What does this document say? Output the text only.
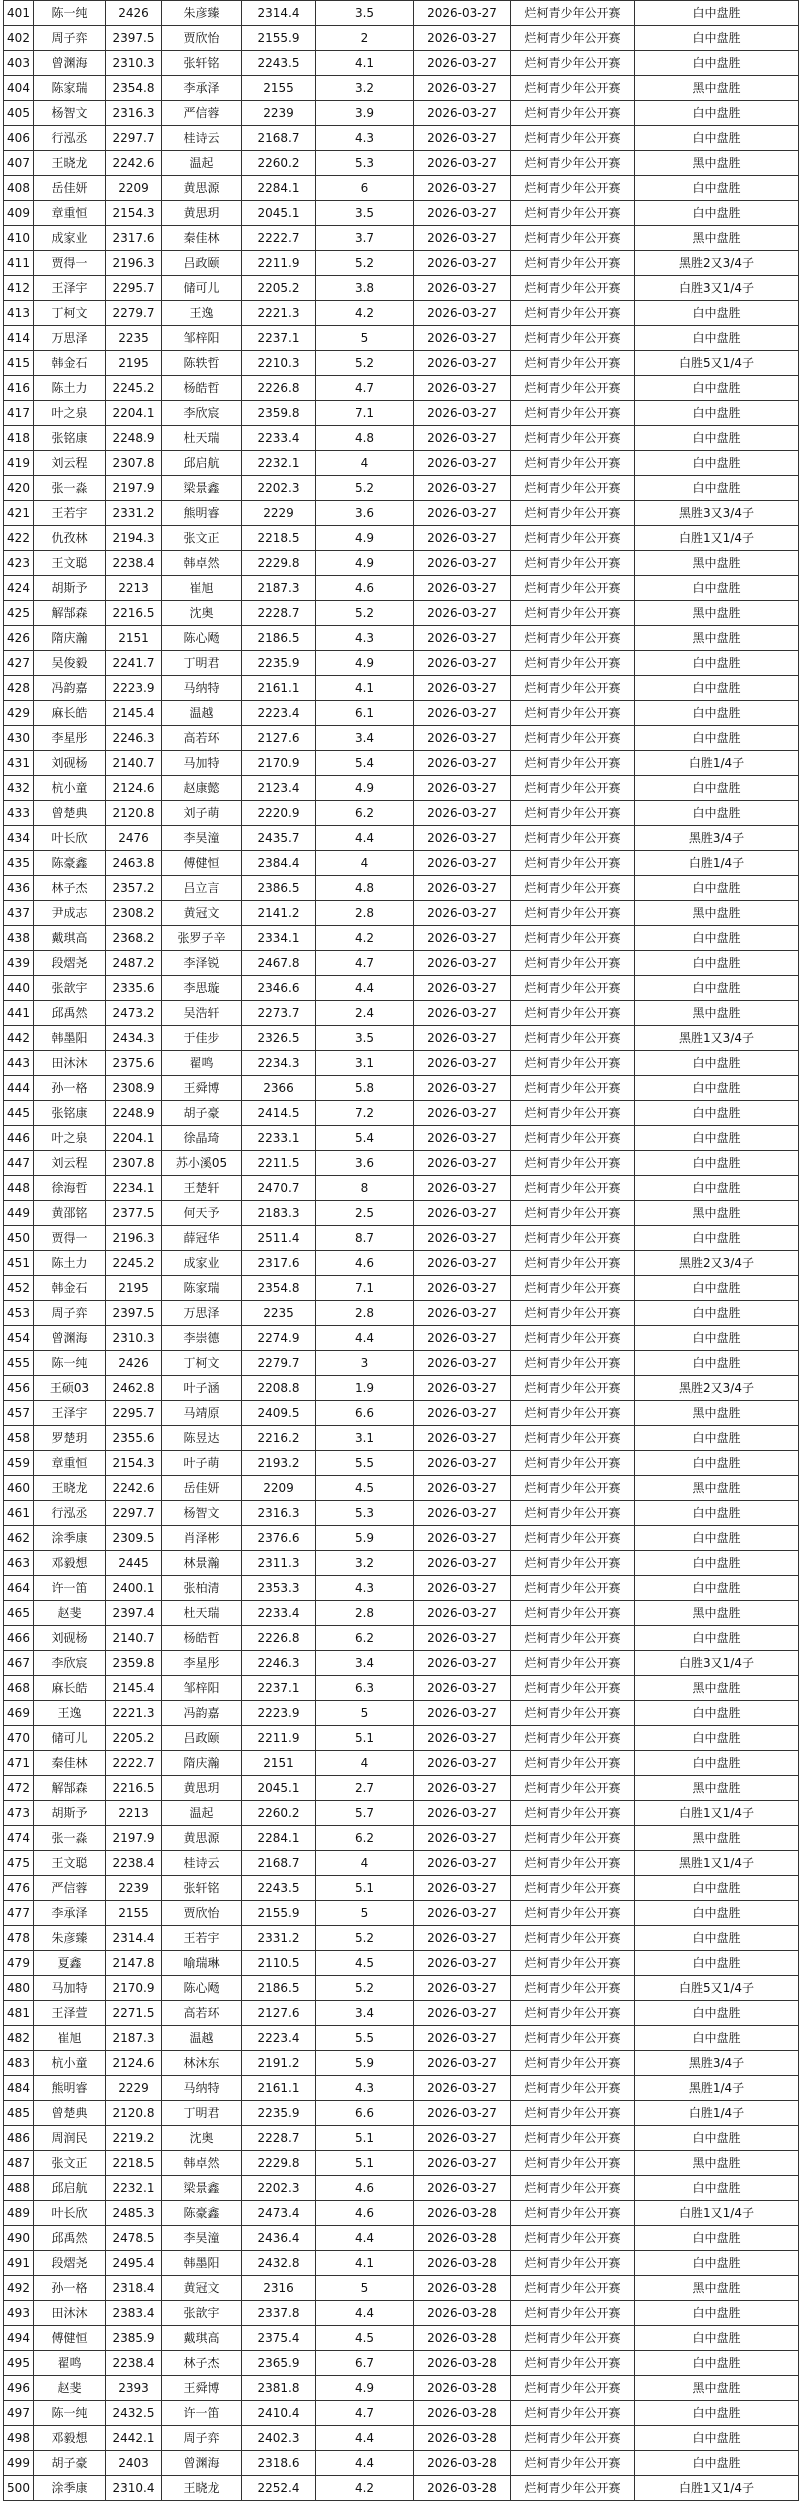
401	陈一纯	2426	朱彦臻	2314.4	3.5	2026-03-27	烂柯青少年公开赛	白中盘胜
402	周子弈	2397.5	贾欣怡	2155.9	2	2026-03-27	烂柯青少年公开赛	白中盘胜
403	曾渊海	2310.3	张轩铭	2243.5	4.1	2026-03-27	烂柯青少年公开赛	白中盘胜
404	陈家瑞	2354.8	李承泽	2155	3.2	2026-03-27	烂柯青少年公开赛	黑中盘胜
405	杨智文	2316.3	严信蓉	2239	3.9	2026-03-27	烂柯青少年公开赛	白中盘胜
406	行泓丞	2297.7	桂诗云	2168.7	4.3	2026-03-27	烂柯青少年公开赛	白中盘胜
407	王晓龙	2242.6	温起	2260.2	5.3	2026-03-27	烂柯青少年公开赛	黑中盘胜
408	岳佳妍	2209	黄思源	2284.1	6	2026-03-27	烂柯青少年公开赛	白中盘胜
409	章重恒	2154.3	黄思玥	2045.1	3.5	2026-03-27	烂柯青少年公开赛	白中盘胜
410	成家业	2317.6	秦佳林	2222.7	3.7	2026-03-27	烂柯青少年公开赛	黑中盘胜
411	贾得一	2196.3	吕政颐	2211.9	5.2	2026-03-27	烂柯青少年公开赛	黑胜2又3/4子
412	王泽宇	2295.7	储可儿	2205.2	3.8	2026-03-27	烂柯青少年公开赛	白胜3又1/4子
413	丁柯文	2279.7	王逸	2221.3	4.2	2026-03-27	烂柯青少年公开赛	白中盘胜
414	万思泽	2235	邹梓阳	2237.1	5	2026-03-27	烂柯青少年公开赛	白中盘胜
415	韩金石	2195	陈轶哲	2210.3	5.2	2026-03-27	烂柯青少年公开赛	白胜5又1/4子
416	陈土力	2245.2	杨皓哲	2226.8	4.7	2026-03-27	烂柯青少年公开赛	白中盘胜
417	叶之泉	2204.1	李欣宸	2359.8	7.1	2026-03-27	烂柯青少年公开赛	白中盘胜
418	张铭康	2248.9	杜天瑞	2233.4	4.8	2026-03-27	烂柯青少年公开赛	白中盘胜
419	刘云程	2307.8	邱启航	2232.1	4	2026-03-27	烂柯青少年公开赛	白中盘胜
420	张一淼	2197.9	梁景鑫	2202.3	5.2	2026-03-27	烂柯青少年公开赛	白中盘胜
421	王若宇	2331.2	熊明睿	2229	3.6	2026-03-27	烂柯青少年公开赛	黑胜3又3/4子
422	仇孜林	2194.3	张文正	2218.5	4.9	2026-03-27	烂柯青少年公开赛	白胜1又1/4子
423	王文聪	2238.4	韩卓然	2229.8	4.9	2026-03-27	烂柯青少年公开赛	黑中盘胜
424	胡斯予	2213	崔旭	2187.3	4.6	2026-03-27	烂柯青少年公开赛	白中盘胜
425	解郜森	2216.5	沈奥	2228.7	5.2	2026-03-27	烂柯青少年公开赛	黑中盘胜
426	隋庆瀚	2151	陈心飏	2186.5	4.3	2026-03-27	烂柯青少年公开赛	黑中盘胜
427	吴俊毅	2241.7	丁明君	2235.9	4.9	2026-03-27	烂柯青少年公开赛	白中盘胜
428	冯韵嘉	2223.9	马纳特	2161.1	4.1	2026-03-27	烂柯青少年公开赛	白中盘胜
429	麻长皓	2145.4	温越	2223.4	6.1	2026-03-27	烂柯青少年公开赛	白中盘胜
430	李星彤	2246.3	高若环	2127.6	3.4	2026-03-27	烂柯青少年公开赛	白中盘胜
431	刘砚杨	2140.7	马加特	2170.9	5.4	2026-03-27	烂柯青少年公开赛	白胜1/4子
432	杭小童	2124.6	赵康懿	2123.4	4.9	2026-03-27	烂柯青少年公开赛	白中盘胜
433	曾楚典	2120.8	刘子萌	2220.9	6.2	2026-03-27	烂柯青少年公开赛	白中盘胜
434	叶长欣	2476	李昊潼	2435.7	4.4	2026-03-27	烂柯青少年公开赛	黑胜3/4子
435	陈豪鑫	2463.8	傅健恒	2384.4	4	2026-03-27	烂柯青少年公开赛	白胜1/4子
436	林子杰	2357.2	吕立言	2386.5	4.8	2026-03-27	烂柯青少年公开赛	白中盘胜
437	尹成志	2308.2	黄冠文	2141.2	2.8	2026-03-27	烂柯青少年公开赛	黑中盘胜
438	戴琪高	2368.2	张罗子辛	2334.1	4.2	2026-03-27	烂柯青少年公开赛	白中盘胜
439	段熠尧	2487.2	李泽锐	2467.8	4.7	2026-03-27	烂柯青少年公开赛	白中盘胜
440	张歆宇	2335.6	李思璇	2346.6	4.4	2026-03-27	烂柯青少年公开赛	白中盘胜
441	邱禹然	2473.2	吴浩轩	2273.7	2.4	2026-03-27	烂柯青少年公开赛	黑中盘胜
442	韩墨阳	2434.3	于佳步	2326.5	3.5	2026-03-27	烂柯青少年公开赛	黑胜1又3/4子
443	田沐沐	2375.6	翟鸣	2234.3	3.1	2026-03-27	烂柯青少年公开赛	白中盘胜
444	孙一格	2308.9	王舜博	2366	5.8	2026-03-27	烂柯青少年公开赛	白中盘胜
445	张铭康	2248.9	胡子豪	2414.5	7.2	2026-03-27	烂柯青少年公开赛	白中盘胜
446	叶之泉	2204.1	徐晶琦	2233.1	5.4	2026-03-27	烂柯青少年公开赛	白中盘胜
447	刘云程	2307.8	苏小溪05	2211.5	3.6	2026-03-27	烂柯青少年公开赛	白中盘胜
448	徐海哲	2234.1	王楚轩	2470.7	8	2026-03-27	烂柯青少年公开赛	白中盘胜
449	黄邵铭	2377.5	何天予	2183.3	2.5	2026-03-27	烂柯青少年公开赛	黑中盘胜
450	贾得一	2196.3	薛冠华	2511.4	8.7	2026-03-27	烂柯青少年公开赛	白中盘胜
451	陈土力	2245.2	成家业	2317.6	4.6	2026-03-27	烂柯青少年公开赛	黑胜2又3/4子
452	韩金石	2195	陈家瑞	2354.8	7.1	2026-03-27	烂柯青少年公开赛	白中盘胜
453	周子弈	2397.5	万思泽	2235	2.8	2026-03-27	烂柯青少年公开赛	白中盘胜
454	曾渊海	2310.3	李崇德	2274.9	4.4	2026-03-27	烂柯青少年公开赛	白中盘胜
455	陈一纯	2426	丁柯文	2279.7	3	2026-03-27	烂柯青少年公开赛	白中盘胜
456	王硕03	2462.8	叶子涵	2208.8	1.9	2026-03-27	烂柯青少年公开赛	黑胜2又3/4子
457	王泽宇	2295.7	马靖原	2409.5	6.6	2026-03-27	烂柯青少年公开赛	黑中盘胜
458	罗楚玥	2355.6	陈昱达	2216.2	3.1	2026-03-27	烂柯青少年公开赛	白中盘胜
459	章重恒	2154.3	叶子萌	2193.2	5.5	2026-03-27	烂柯青少年公开赛	白中盘胜
460	王晓龙	2242.6	岳佳妍	2209	4.5	2026-03-27	烂柯青少年公开赛	黑中盘胜
461	行泓丞	2297.7	杨智文	2316.3	5.3	2026-03-27	烂柯青少年公开赛	白中盘胜
462	涂季康	2309.5	肖泽彬	2376.6	5.9	2026-03-27	烂柯青少年公开赛	白中盘胜
463	邓毅想	2445	林景瀚	2311.3	3.2	2026-03-27	烂柯青少年公开赛	白中盘胜
464	许一笛	2400.1	张柏清	2353.3	4.3	2026-03-27	烂柯青少年公开赛	白中盘胜
465	赵斐	2397.4	杜天瑞	2233.4	2.8	2026-03-27	烂柯青少年公开赛	黑中盘胜
466	刘砚杨	2140.7	杨皓哲	2226.8	6.2	2026-03-27	烂柯青少年公开赛	白中盘胜
467	李欣宸	2359.8	李星彤	2246.3	3.4	2026-03-27	烂柯青少年公开赛	白胜3又1/4子
468	麻长皓	2145.4	邹梓阳	2237.1	6.3	2026-03-27	烂柯青少年公开赛	黑中盘胜
469	王逸	2221.3	冯韵嘉	2223.9	5	2026-03-27	烂柯青少年公开赛	白中盘胜
470	储可儿	2205.2	吕政颐	2211.9	5.1	2026-03-27	烂柯青少年公开赛	白中盘胜
471	秦佳林	2222.7	隋庆瀚	2151	4	2026-03-27	烂柯青少年公开赛	白中盘胜
472	解郜森	2216.5	黄思玥	2045.1	2.7	2026-03-27	烂柯青少年公开赛	黑中盘胜
473	胡斯予	2213	温起	2260.2	5.7	2026-03-27	烂柯青少年公开赛	白胜1又1/4子
474	张一淼	2197.9	黄思源	2284.1	6.2	2026-03-27	烂柯青少年公开赛	黑中盘胜
475	王文聪	2238.4	桂诗云	2168.7	4	2026-03-27	烂柯青少年公开赛	黑胜1又1/4子
476	严信蓉	2239	张轩铭	2243.5	5.1	2026-03-27	烂柯青少年公开赛	白中盘胜
477	李承泽	2155	贾欣怡	2155.9	5	2026-03-27	烂柯青少年公开赛	白中盘胜
478	朱彦臻	2314.4	王若宇	2331.2	5.2	2026-03-27	烂柯青少年公开赛	白中盘胜
479	夏鑫	2147.8	喻瑞琳	2110.5	4.5	2026-03-27	烂柯青少年公开赛	白中盘胜
480	马加特	2170.9	陈心飏	2186.5	5.2	2026-03-27	烂柯青少年公开赛	白胜5又1/4子
481	王泽萱	2271.5	高若环	2127.6	3.4	2026-03-27	烂柯青少年公开赛	白中盘胜
482	崔旭	2187.3	温越	2223.4	5.5	2026-03-27	烂柯青少年公开赛	白中盘胜
483	杭小童	2124.6	林沐东	2191.2	5.9	2026-03-27	烂柯青少年公开赛	黑胜3/4子
484	熊明睿	2229	马纳特	2161.1	4.3	2026-03-27	烂柯青少年公开赛	黑胜1/4子
485	曾楚典	2120.8	丁明君	2235.9	6.6	2026-03-27	烂柯青少年公开赛	白胜1/4子
486	周润民	2219.2	沈奥	2228.7	5.1	2026-03-27	烂柯青少年公开赛	白中盘胜
487	张文正	2218.5	韩卓然	2229.8	5.1	2026-03-27	烂柯青少年公开赛	黑中盘胜
488	邱启航	2232.1	梁景鑫	2202.3	4.6	2026-03-27	烂柯青少年公开赛	白中盘胜
489	叶长欣	2485.3	陈豪鑫	2473.4	4.6	2026-03-28	烂柯青少年公开赛	白胜1又1/4子
490	邱禹然	2478.5	李昊潼	2436.4	4.4	2026-03-28	烂柯青少年公开赛	白中盘胜
491	段熠尧	2495.4	韩墨阳	2432.8	4.1	2026-03-28	烂柯青少年公开赛	白中盘胜
492	孙一格	2318.4	黄冠文	2316	5	2026-03-28	烂柯青少年公开赛	黑中盘胜
493	田沐沐	2383.4	张歆宇	2337.8	4.4	2026-03-28	烂柯青少年公开赛	白中盘胜
494	傅健恒	2385.9	戴琪高	2375.4	4.5	2026-03-28	烂柯青少年公开赛	白中盘胜
495	翟鸣	2238.4	林子杰	2365.9	6.7	2026-03-28	烂柯青少年公开赛	白中盘胜
496	赵斐	2393	王舜博	2381.8	4.9	2026-03-28	烂柯青少年公开赛	黑中盘胜
497	陈一纯	2432.5	许一笛	2410.4	4.7	2026-03-28	烂柯青少年公开赛	白中盘胜
498	邓毅想	2442.1	周子弈	2402.3	4.4	2026-03-28	烂柯青少年公开赛	白中盘胜
499	胡子豪	2403	曾渊海	2318.6	4.4	2026-03-28	烂柯青少年公开赛	白中盘胜
500	涂季康	2310.4	王晓龙	2252.4	4.2	2026-03-28	烂柯青少年公开赛	白胜1又1/4子
